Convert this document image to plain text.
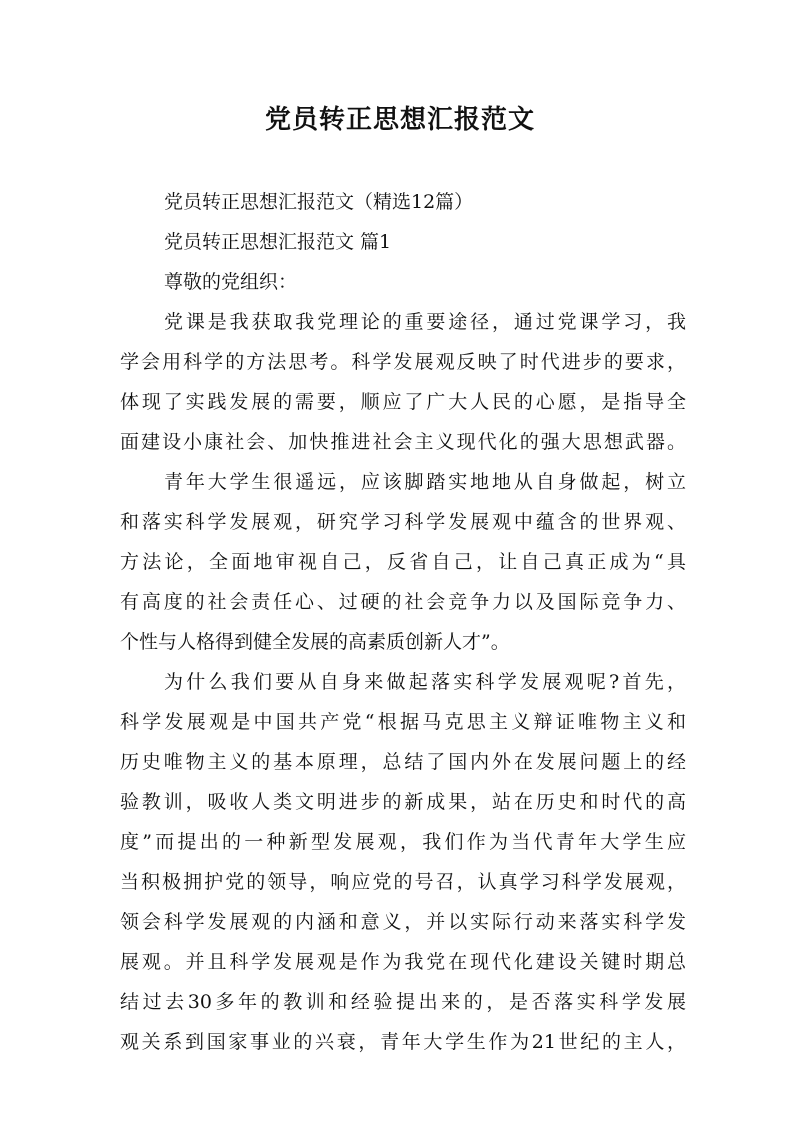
党员转正思想汇报范文
党员转正思想汇报范文（精选12篇）
党员转正思想汇报范文 篇1
尊敬的党组织：
党课是我获取我党理论的重要途径，通过党课学习，我
学会用科学的方法思考。科学发展观反映了时代进步的要求，
体现了实践发展的需要，顺应了广大人民的心愿，是指导全
面建设小康社会、加快推进社会主义现代化的强大思想武器。
青年大学生很遥远，应该脚踏实地地从自身做起，树立
和落实科学发展观，研究学习科学发展观中蕴含的世界观、
方法论，全面地审视自己，反省自己，让自己真正成为“具
有高度的社会责任心、过硬的社会竞争力以及国际竞争力、
个性与人格得到健全发展的高素质创新人才”。
为什么我们要从自身来做起落实科学发展观呢?首先，
科学发展观是中国共产党“根据马克思主义辩证唯物主义和
历史唯物主义的基本原理，总结了国内外在发展问题上的经
验教训，吸收人类文明进步的新成果，站在历史和时代的高
度”而提出的一种新型发展观，我们作为当代青年大学生应
当积极拥护党的领导，响应党的号召，认真学习科学发展观，
领会科学发展观的内涵和意义，并以实际行动来落实科学发
展观。并且科学发展观是作为我党在现代化建设关键时期总
结过去30多年的教训和经验提出来的，是否落实科学发展
观关系到国家事业的兴衰，青年大学生作为21世纪的主人，
